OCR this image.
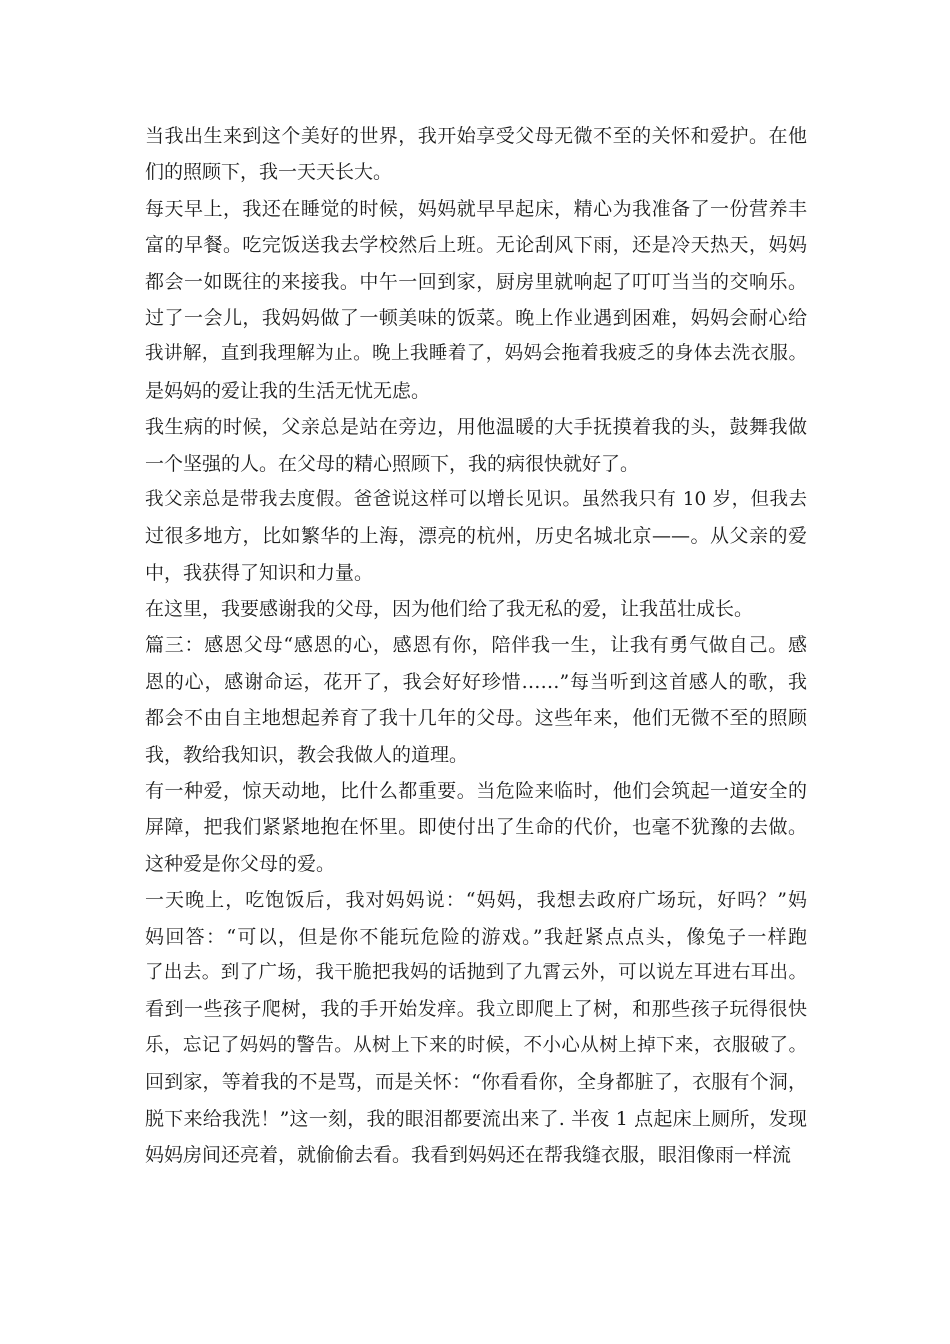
当我出生来到这个美好的世界，我开始享受父母无微不至的关怀和爱护。在他
们的照顾下，我一天天长大。
每天早上，我还在睡觉的时候，妈妈就早早起床，精心为我准备了一份营养丰
富的早餐。吃完饭送我去学校然后上班。无论刮风下雨，还是冷天热天，妈妈
都会一如既往的来接我。中午一回到家，厨房里就响起了叮叮当当的交响乐。
过了一会儿，我妈妈做了一顿美味的饭菜。晚上作业遇到困难，妈妈会耐心给
我讲解，直到我理解为止。晚上我睡着了，妈妈会拖着我疲乏的身体去洗衣服。
是妈妈的爱让我的生活无忧无虑。
我生病的时候，父亲总是站在旁边，用他温暖的大手抚摸着我的头，鼓舞我做
一个坚强的人。在父母的精心照顾下，我的病很快就好了。
我父亲总是带我去度假。爸爸说这样可以增长见识。虽然我只有 10 岁，但我去
过很多地方，比如繁华的上海，漂亮的杭州，历史名城北京——。从父亲的爱
中，我获得了知识和力量。
在这里，我要感谢我的父母，因为他们给了我无私的爱，让我茁壮成长。
篇三：感恩父母“感恩的心，感恩有你，陪伴我一生，让我有勇气做自己。感
恩的心，感谢命运，花开了，我会好好珍惜……”每当听到这首感人的歌，我
都会不由自主地想起养育了我十几年的父母。这些年来，他们无微不至的照顾
我，教给我知识，教会我做人的道理。
有一种爱，惊天动地，比什么都重要。当危险来临时，他们会筑起一道安全的
屏障，把我们紧紧地抱在怀里。即使付出了生命的代价，也毫不犹豫的去做。
这种爱是你父母的爱。
一天晚上，吃饱饭后，我对妈妈说：“妈妈，我想去政府广场玩，好吗？”妈
妈回答：“可以，但是你不能玩危险的游戏。”我赶紧点点头，像兔子一样跑
了出去。到了广场，我干脆把我妈的话抛到了九霄云外，可以说左耳进右耳出。
看到一些孩子爬树，我的手开始发痒。我立即爬上了树，和那些孩子玩得很快
乐，忘记了妈妈的警告。从树上下来的时候，不小心从树上掉下来，衣服破了。
回到家，等着我的不是骂，而是关怀：“你看看你，全身都脏了，衣服有个洞，
脱下来给我洗！”这一刻，我的眼泪都要流出来了. 半夜 1 点起床上厕所，发现
妈妈房间还亮着，就偷偷去看。我看到妈妈还在帮我缝衣服，眼泪像雨一样流
